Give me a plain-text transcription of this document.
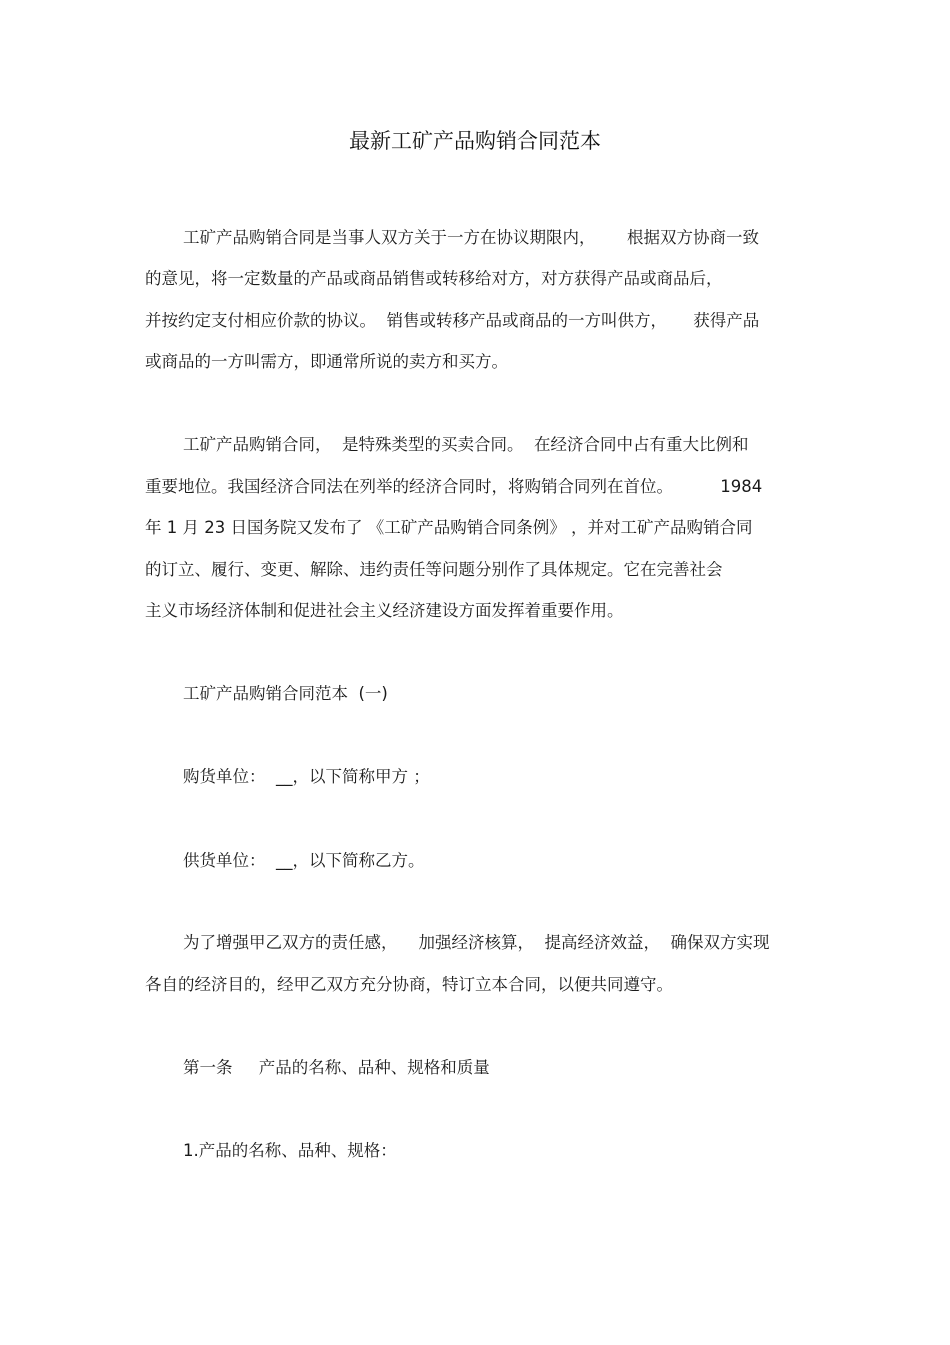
最新工矿产品购销合同范本
工矿产品购销合同是当事人双方关于一方在协议期限内，      根据双方协商一致
的意见，将一定数量的产品或商品销售或转移给对方，对方获得产品或商品后，
并按约定支付相应价款的协议。  销售或转移产品或商品的一方叫供方，     获得产品
或商品的一方叫需方，即通常所说的卖方和买方。
工矿产品购销合同，  是特殊类型的买卖合同。  在经济合同中占有重大比例和
重要地位。我国经济合同法在列举的经济合同时，将购销合同列在首位。         1984
年 1 月 23 日国务院又发布了 《工矿产品购销合同条例》 ，并对工矿产品购销合同
的订立、履行、变更、解除、违约责任等问题分别作了具体规定。它在完善社会
主义市场经济体制和促进社会主义经济建设方面发挥着重要作用。
工矿产品购销合同范本  (一)
购货单位：  __，以下简称甲方 ；
供货单位：  __，以下简称乙方。
为了增强甲乙双方的责任感，    加强经济核算，  提高经济效益，  确保双方实现
各自的经济目的，经甲乙双方充分协商，特订立本合同，以便共同遵守。
第一条     产品的名称、品种、规格和质量
1.产品的名称、品种、规格：
